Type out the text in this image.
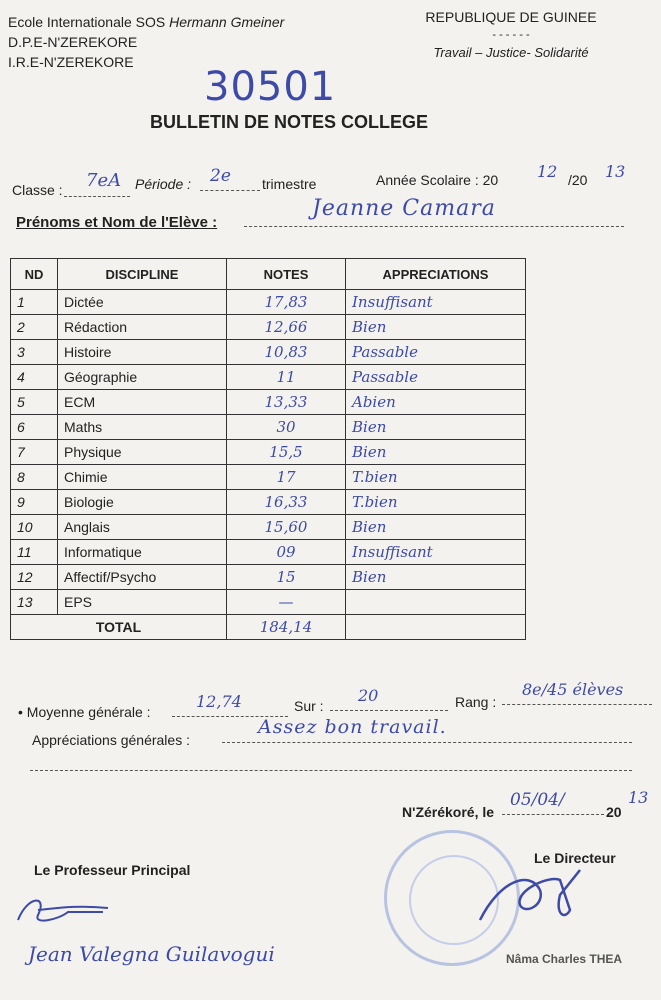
Ecole Internationale SOS Hermann Gmeiner
D.P.E-N'ZEREKORE
I.R.E-N'ZEREKORE
REPUBLIQUE DE GUINEE
- - - - - -
Travail – Justice- Solidarité
30501
BULLETIN DE NOTES COLLEGE
Classe : 7eA Période : 2e trimestre	Année Scolaire : 20 12 /20 13
Prénoms et Nom de l'Elève :
Jeanne Camara
ND	DISCIPLINE	NOTES	APPRECIATIONS
1	Dictée	17,83	Insuffisant
2	Rédaction	12,66	Bien
3	Histoire	10,83	Passable
4	Géographie	11	Passable
5	ECM	13,33	Abien
6	Maths	30	Bien
7	Physique	15,5	Bien
8	Chimie	17	T.bien
9	Biologie	16,33	T.bien
10	Anglais	15,60	Bien
11	Informatique	09	Insuffisant
12	Affectif/Psycho	15	Bien
13	EPS	—	
TOTAL		184,14	
• Moyenne générale :
12,74	Sur :
20	Rang :
8e/45 élèves
Appréciations générales :
Assez bon travail.
N'Zérékoré, le
05/04/
20
13
Le Professeur Principal
Le Directeur
Jean Valegna Guilavogui	Nâma Charles THEA
